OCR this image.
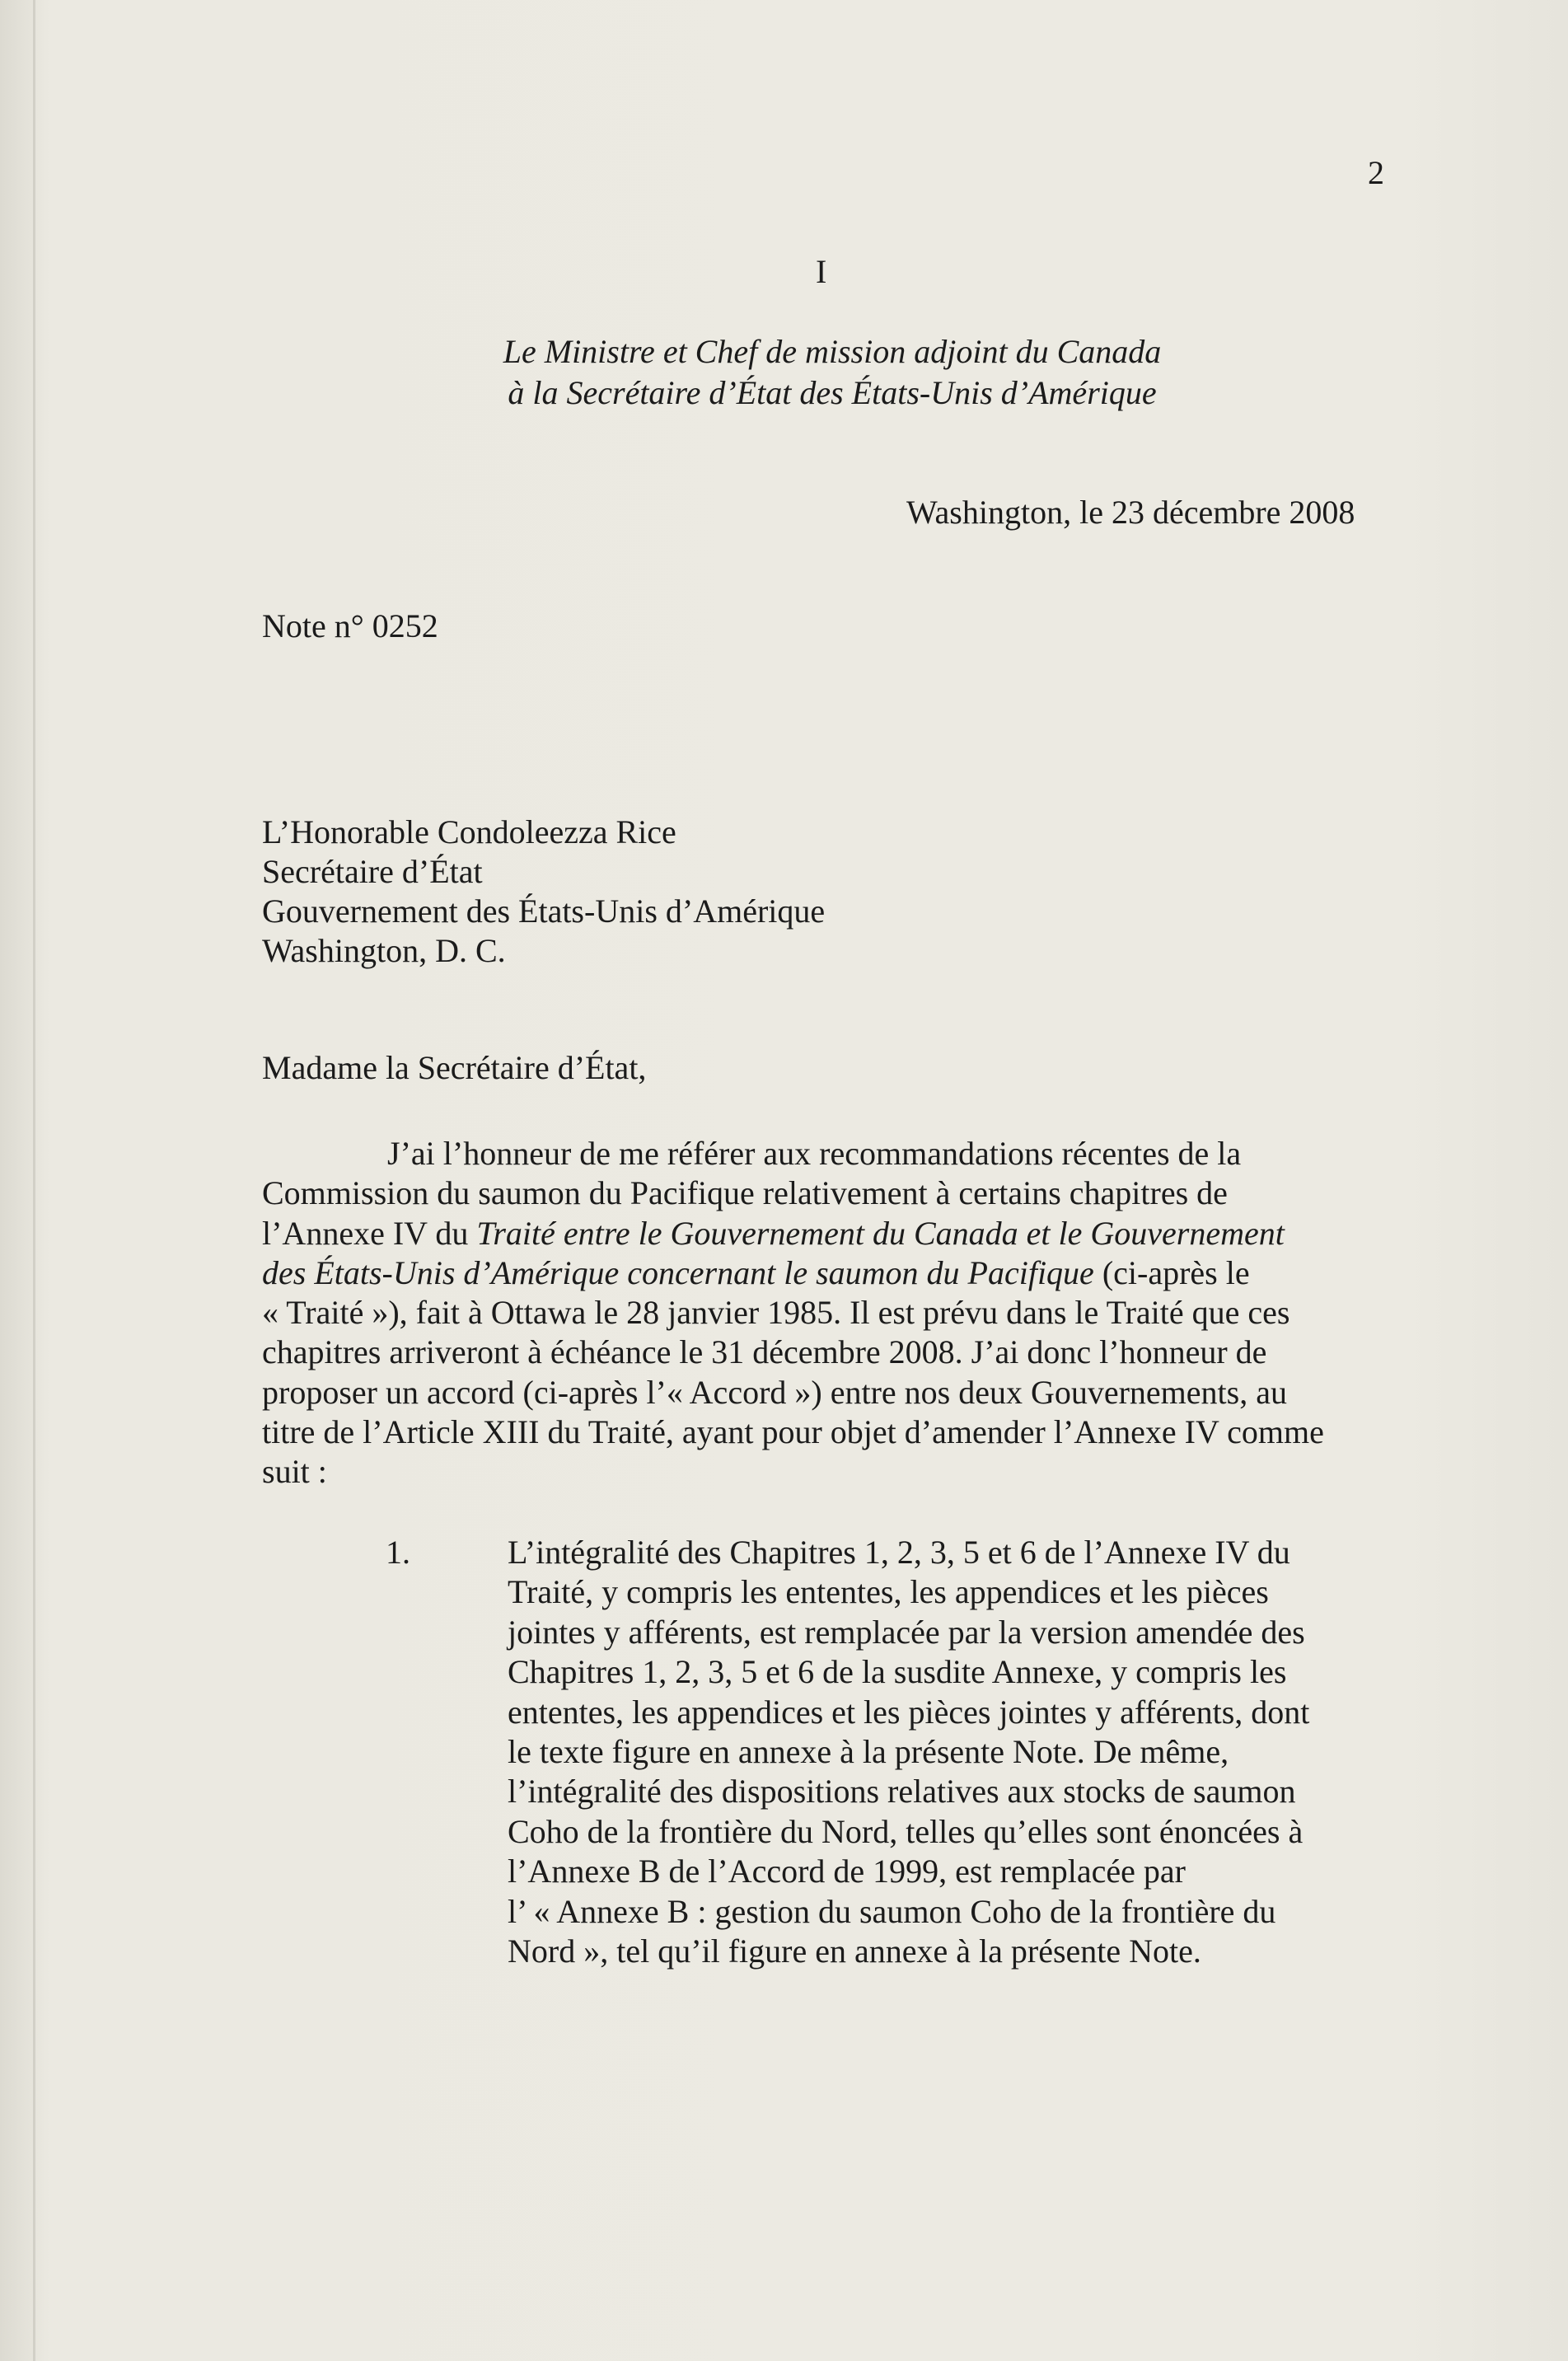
2
I
Le Ministre et Chef de mission adjoint du Canada
à la Secrétaire d’État des États-Unis d’Amérique
Washington, le 23 décembre 2008
Note n° 0252
L’Honorable Condoleezza Rice
Secrétaire d’État
Gouvernement des États-Unis d’Amérique
Washington, D. C.
Madame la Secrétaire d’État,
J’ai l’honneur de me référer aux recommandations récentes de la
Commission du saumon du Pacifique relativement à certains chapitres de
l’Annexe IV du Traité entre le Gouvernement du Canada et le Gouvernement
des États-Unis d’Amérique concernant le saumon du Pacifique (ci-après le
« Traité »), fait à Ottawa le 28 janvier 1985. Il est prévu dans le Traité que ces
chapitres arriveront à échéance le 31 décembre 2008. J’ai donc l’honneur de
proposer un accord (ci-après l’« Accord ») entre nos deux Gouvernements, au
titre de l’Article XIII du Traité, ayant pour objet d’amender l’Annexe IV comme
suit :
1.	L’intégralité des Chapitres 1, 2, 3, 5 et 6 de l’Annexe IV du
Traité, y compris les ententes, les appendices et les pièces
jointes y afférents, est remplacée par la version amendée des
Chapitres 1, 2, 3, 5 et 6 de la susdite Annexe, y compris les
ententes, les appendices et les pièces jointes y afférents, dont
le texte figure en annexe à la présente Note. De même,
l’intégralité des dispositions relatives aux stocks de saumon
Coho de la frontière du Nord, telles qu’elles sont énoncées à
l’Annexe B de l’Accord de 1999, est remplacée par
l’ « Annexe B : gestion du saumon Coho de la frontière du
Nord », tel qu’il figure en annexe à la présente Note.
